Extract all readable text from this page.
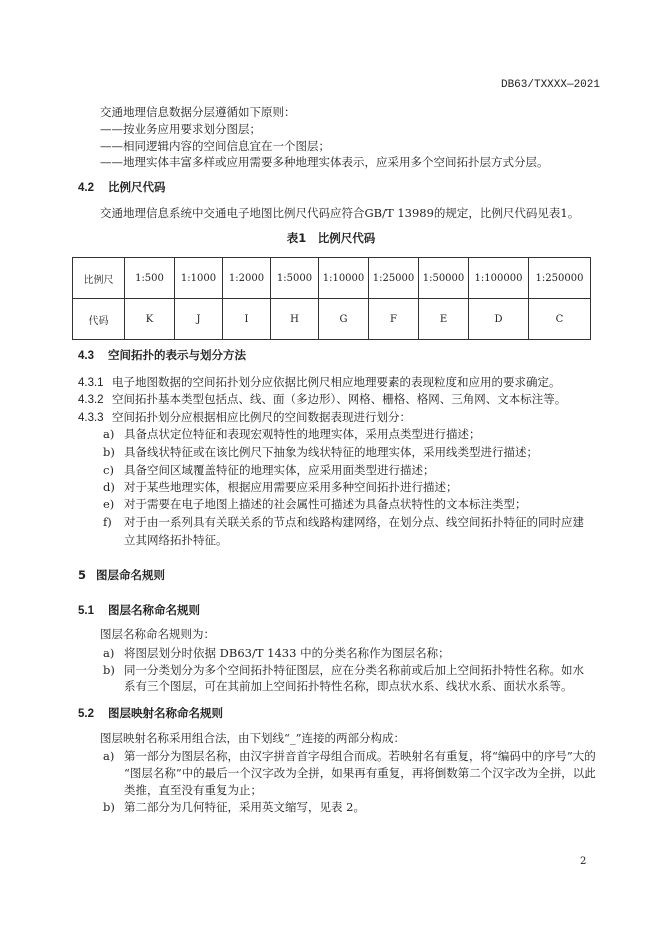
DB63/TXXXX—2021
交通地理信息数据分层遵循如下原则：
——按业务应用要求划分图层；
——相同逻辑内容的空间信息宜在一个图层；
——地理实体丰富多样或应用需要多种地理实体表示，应采用多个空间拓扑层方式分层。
4.2 比例尺代码
交通地理信息系统中交通电子地图比例尺代码应符合GB/T 13989的规定，比例尺代码见表1。
表1　比例尺代码
比例尺	1:500	1:1000	1:2000	1:5000	1:10000	1:25000	1:50000	1:100000	1:250000
代码	K	J	I	H	G	F	E	D	C
4.3 空间拓扑的表示与划分方法
4.3.1 电子地图数据的空间拓扑划分应依据比例尺相应地理要素的表现粒度和应用的要求确定。
4.3.2 空间拓扑基本类型包括点、线、面（多边形）、网格、栅格、格网、三角网、文本标注等。
4.3.3 空间拓扑划分应根据相应比例尺的空间数据表现进行划分：
a) 具备点状定位特征和表现宏观特性的地理实体，采用点类型进行描述；
b) 具备线状特征或在该比例尺下抽象为线状特征的地理实体，采用线类型进行描述；
c) 具备空间区域覆盖特征的地理实体，应采用面类型进行描述；
d) 对于某些地理实体，根据应用需要应采用多种空间拓扑进行描述；
e) 对于需要在电子地图上描述的社会属性可描述为具备点状特性的文本标注类型；
f) 对于由一系列具有关联关系的节点和线路构建网络，在划分点、线空间拓扑特征的同时应建
立其网络拓扑特征。
5 图层命名规则
5.1 图层名称命名规则
图层名称命名规则为：
a) 将图层划分时依据 DB63/T 1433 中的分类名称作为图层名称；
b) 同一分类划分为多个空间拓扑特征图层，应在分类名称前或后加上空间拓扑特性名称。如水
系有三个图层，可在其前加上空间拓扑特性名称，即点状水系、线状水系、面状水系等。
5.2 图层映射名称命名规则
图层映射名称采用组合法，由下划线“_”连接的两部分构成：
a) 第一部分为图层名称，由汉字拼音首字母组合而成。若映射名有重复，将“编码中的序号”大的
“图层名称”中的最后一个汉字改为全拼，如果再有重复，再将倒数第二个汉字改为全拼，以此
类推，直至没有重复为止；
b) 第二部分为几何特征，采用英文缩写，见表 2。
2
